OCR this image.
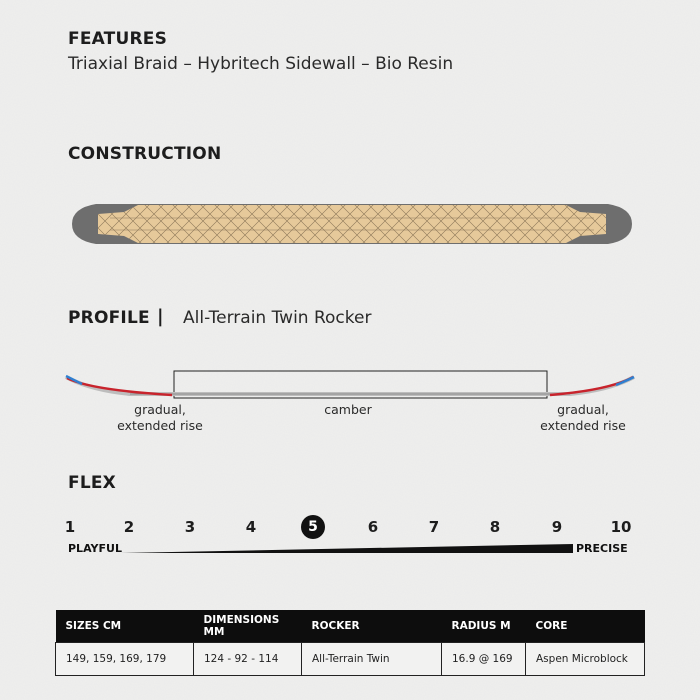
FEATURES
Triaxial Braid – Hybritech Sidewall – Bio Resin
CONSTRUCTION
PROFILE | All-Terrain Twin Rocker
gradual,
extended rise
camber	gradual,
extended rise
FLEX
1	2	3	4	5	6	7	8	9	10
PLAYFUL	PRECISE
SIZES CM	DIMENSIONS MM	ROCKER	RADIUS M	CORE
149, 159, 169, 179	124 - 92 - 114	All-Terrain Twin	16.9 @ 169	Aspen Microblock
